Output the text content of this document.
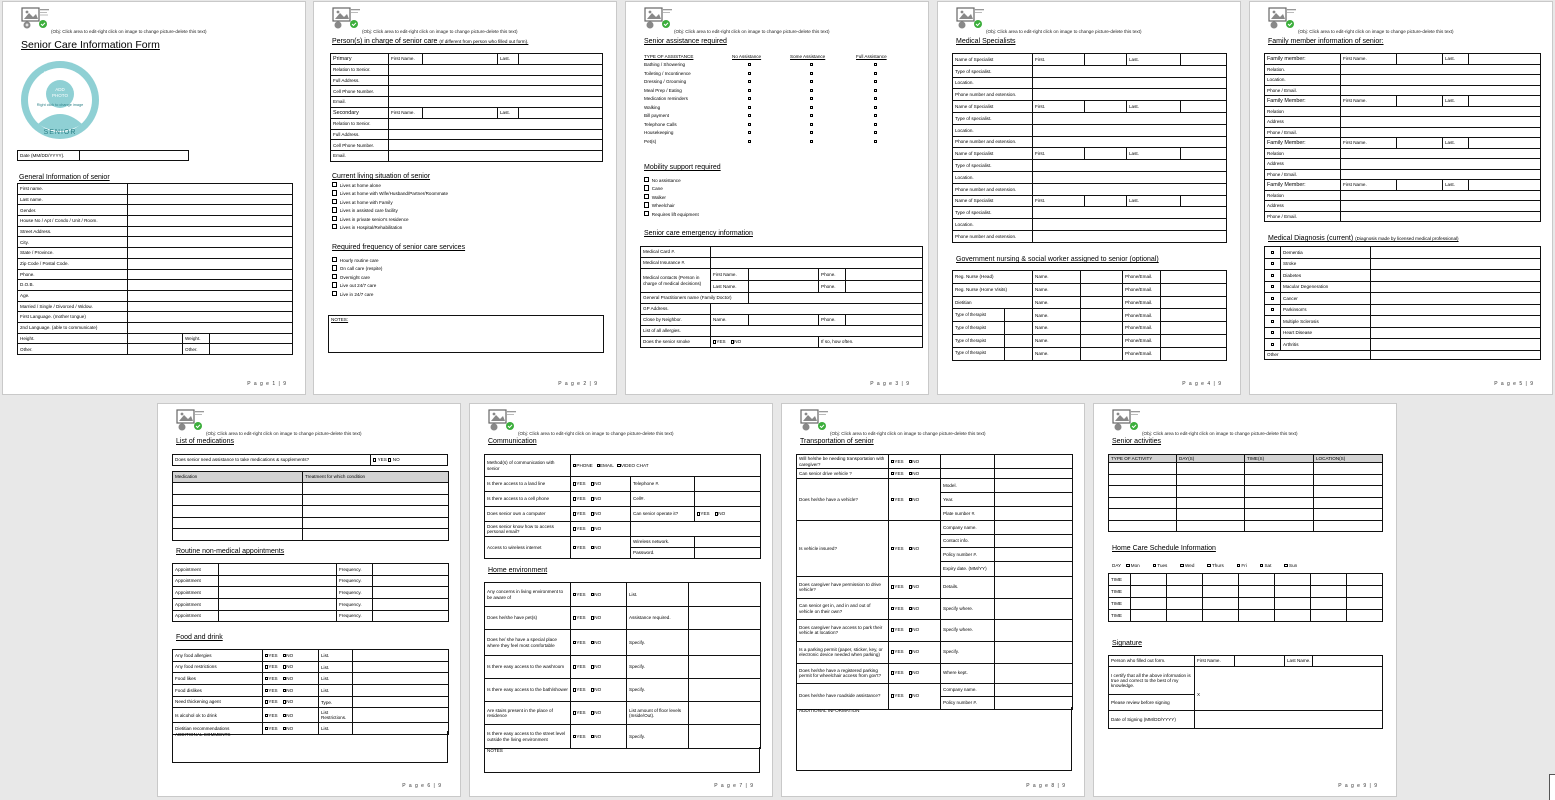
(Obj: Click area to edit-right click on image to change picture-delete this text)
Senior Care Information Form
PROFILE
ADD
PHOTO
Right click to change image
SENIOR
Date (MM/DD/YYYY).	
General Information of senior
First name.			
Last name.			
Gender.			
House No / Apt / Condo / Unit / Room.			
Street Address.			
City.			
State / Province.			
Zip Code / Postal Code.			
Phone.			
D.O.B.			
Age.			
Married / Single / Divorced / Widow.			
First Language. (mother tongue)			
2nd Language. (able to communicate)			
Height.		Weight.	
Other.		Other.	
P a g e 1 | 9
(Obj: Click area to edit-right click on image to change picture-delete this text)
Person(s) in charge of senior care (If different from person who filled out form).
Primary	First Name.		Last.	
Relation to Senior.				
Full Address.				
Cell Phone Number.				
Email.				
Secondary	First Name.		Last.	
Relation to Senior.				
Full Address.				
Cell Phone Number.				
Email.				
Current living situation of senior
Lives at home alone
Lives at home with Wife/Husband/Partner/Roommate
Lives at home with Family
Lives in assisted care facility
Lives in private senior's residence
Lives in Hospital/Rehabilitation
Required frequency of senior care services
Hourly routine care
On call care (respite)
Overnight care
Live out 24/7 care
Live in 24/7 care
NOTES:
P a g e 2 | 9
(Obj: Click area to edit-right click on image to change picture-delete this text)
Senior assistance required
TYPE OF ASSISTANCE	No Assistance	Some Assistance	Full Assistance
Bathing / Showering
Toileting / Incontinence
Dressing / Grooming
Meal Prep / Eating
Medication reminders
Walking
Bill payment
Telephone Calls
Housekeeping
Pet(s)
Mobility support required
No assistance
Cane
Walker
Wheelchair
Requires lift equipment
Senior care emergency information
Medical Card #.				
Medical Insurance #.				
Medical contacts (Person in charge of medical decisions)	First Name.		Phone.	
	Last Name.		Phone.	
General Practitioners name (Family Doctor)				
GP Address.				
Close by Neighbor.	Name.		Phone.	
List of all allergies.				
Does the senior smoke	YES NO		If so, how often.	
P a g e 3 | 9
(Obj: Click area to edit-right click on image to change picture-delete this text)
Medical Specialists
Name of Specialist	First.		Last.	
Type of specialist.				
Location.				
Phone number and extension.				
Name of Specialist	First.		Last.	
Type of specialist.				
Location.				
Phone number and extension.				
Name of Specialist	First.		Last.	
Type of specialist.				
Location.				
Phone number and extension.				
Name of Specialist	First.		Last.	
Type of specialist.				
Location.				
Phone number and extension.				
Government nursing & social worker assigned to senior (optional)
Reg. Nurse (Head)		Name.		Phone/Email.	
Reg. Nurse (Home Visits)		Name.		Phone/Email.	
Dietitian		Name.		Phone/Email.	
Type of therapist		Name.		Phone/Email.	
Type of therapist		Name.		Phone/Email.	
Type of therapist		Name.		Phone/Email.	
Type of therapist		Name.		Phone/Email.	
P a g e 4 | 9
(Obj: Click area to edit-right click on image to change picture-delete this text)
Family member information of senior:
Family member:	First Name.		Last.	
Relation.				
Location.				
Phone / Email.				
Family Member:	First Name.		Last.	
Relation				
Address				
Phone / Email.				
Family Member:	First Name.		Last.	
Relation				
Address				
Phone / Email.				
Family Member:	First Name.		Last.	
Relation				
Address				
Phone / Email.				
Medical Diagnosis (current) (Diagnosis made by licensed medical professional)
	Dementia	
	Stroke	
	Diabetes	
	Macular Degeneration	
	Cancer	
	Parkinson's	
	Multiple Sclerosis	
	Heart Disease	
	Arthritis	
Other		
P a g e 5 | 9
(Obj: Click area to edit-right click on image to change picture-delete this text)
List of medications
Does senior need assistance to take medications & supplements?	YES NO
Medication	Treatment for which condition

Routine non-medical appointments
Appointment		Frequency.	
Appointment		Frequency.	
Appointment		Frequency.	
Appointment		Frequency.	
Appointment		Frequency.	
Food and drink
Any food allergies	YES NO	List.	
Any food restrictions	YES NO	List.	
Food likes	YES NO	List.	
Food dislikes	YES NO	List.	
Need thickening agent	YES NO	Type.	
Is alcohol ok to drink	YES NO	List Restrictions.	
Dietitian recommendations	YES NO	List.	
ADDITIONAL COMMENTS
P a g e 6 | 9
(Obj: Click area to edit-right click on image to change picture-delete this text)
Communication
Method(s) of communication with senior	PHONE EMAIL VIDEO CHAT		
Is there access to a land line	YES NO	Telephone #.	
Is there access to a cell phone	YES NO	Cell#.	
Does senior own a computer	YES NO	Can senior operate it?	YES NO
Does senior know how to access personal email?	YES NO		
Access to wireless internet	YES NO	Wireless network.	
		Password.	
Home environment
Any concerns in living environment to be aware of	YES NO	List.	
Does he/she have pet(s)	YES NO	Assistance required.	
Does he/ she have a special place where they feel most comfortable	YES NO	Specify.	
Is there easy access to the washroom	YES NO	Specify.	
Is there easy access to the bath/shower	YES NO	Specify.	
Are stairs present in the place of residence	YES NO	List amount of floor levels (Inside/Out).	
Is there easy access to the street level outside the living environment	YES NO	Specify.	
NOTES
P a g e 7 | 9
(Obj: Click area to edit-right click on image to change picture-delete this text)
Transportation of senior
Will he/she be needing transportation with caregiver?	YES NO		
Can senior drive vehicle ?	YES NO		
Does he/she have a vehicle?	YES NO	Model.	
		Year.	
		Plate number #.	
Is vehicle insured?	YES NO	Company name.	
		Contact info.	
		Policy number #.	
		Expiry date. (MM/YY)	
Does caregiver have permission to drive vehicle?	YES NO	Details.	
Can senior get in, and in and out of vehicle on their own?	YES NO	Specify where.	
Does caregiver have access to park their vehicle at location?	YES NO	Specify where.	
Is a parking permit (paper, sticker, key, or electronic device needed when parking)	YES NO	Specify.	
Does he/she have a registered parking permit for wheelchair access from gov't?	YES NO	Where kept.	
Does he/she have roadside assistance?	YES NO	Company name.	
		Policy number #.	
ADDITIONAL INFORMATION
P a g e 8 | 9
(Obj: Click area to edit-right click on image to change picture-delete this text)
Senior activities
TYPE OF ACTIVITY	DAY(S)	TIME(S)	LOCATION(S)

Home Care Schedule Information
DAY Mon	Tues	Wed	Thurs	Fri	Sat	Sun
TIME							
TIME							
TIME							
TIME							
Signature
Person who filled out form.	First Name.		Last Name.	
I certify that all the above information is true and correct to the best of my knowledge.	X			
Please review before signing				
Date of Signing (MM/DD/YYYY)				
P a g e 9 | 9
